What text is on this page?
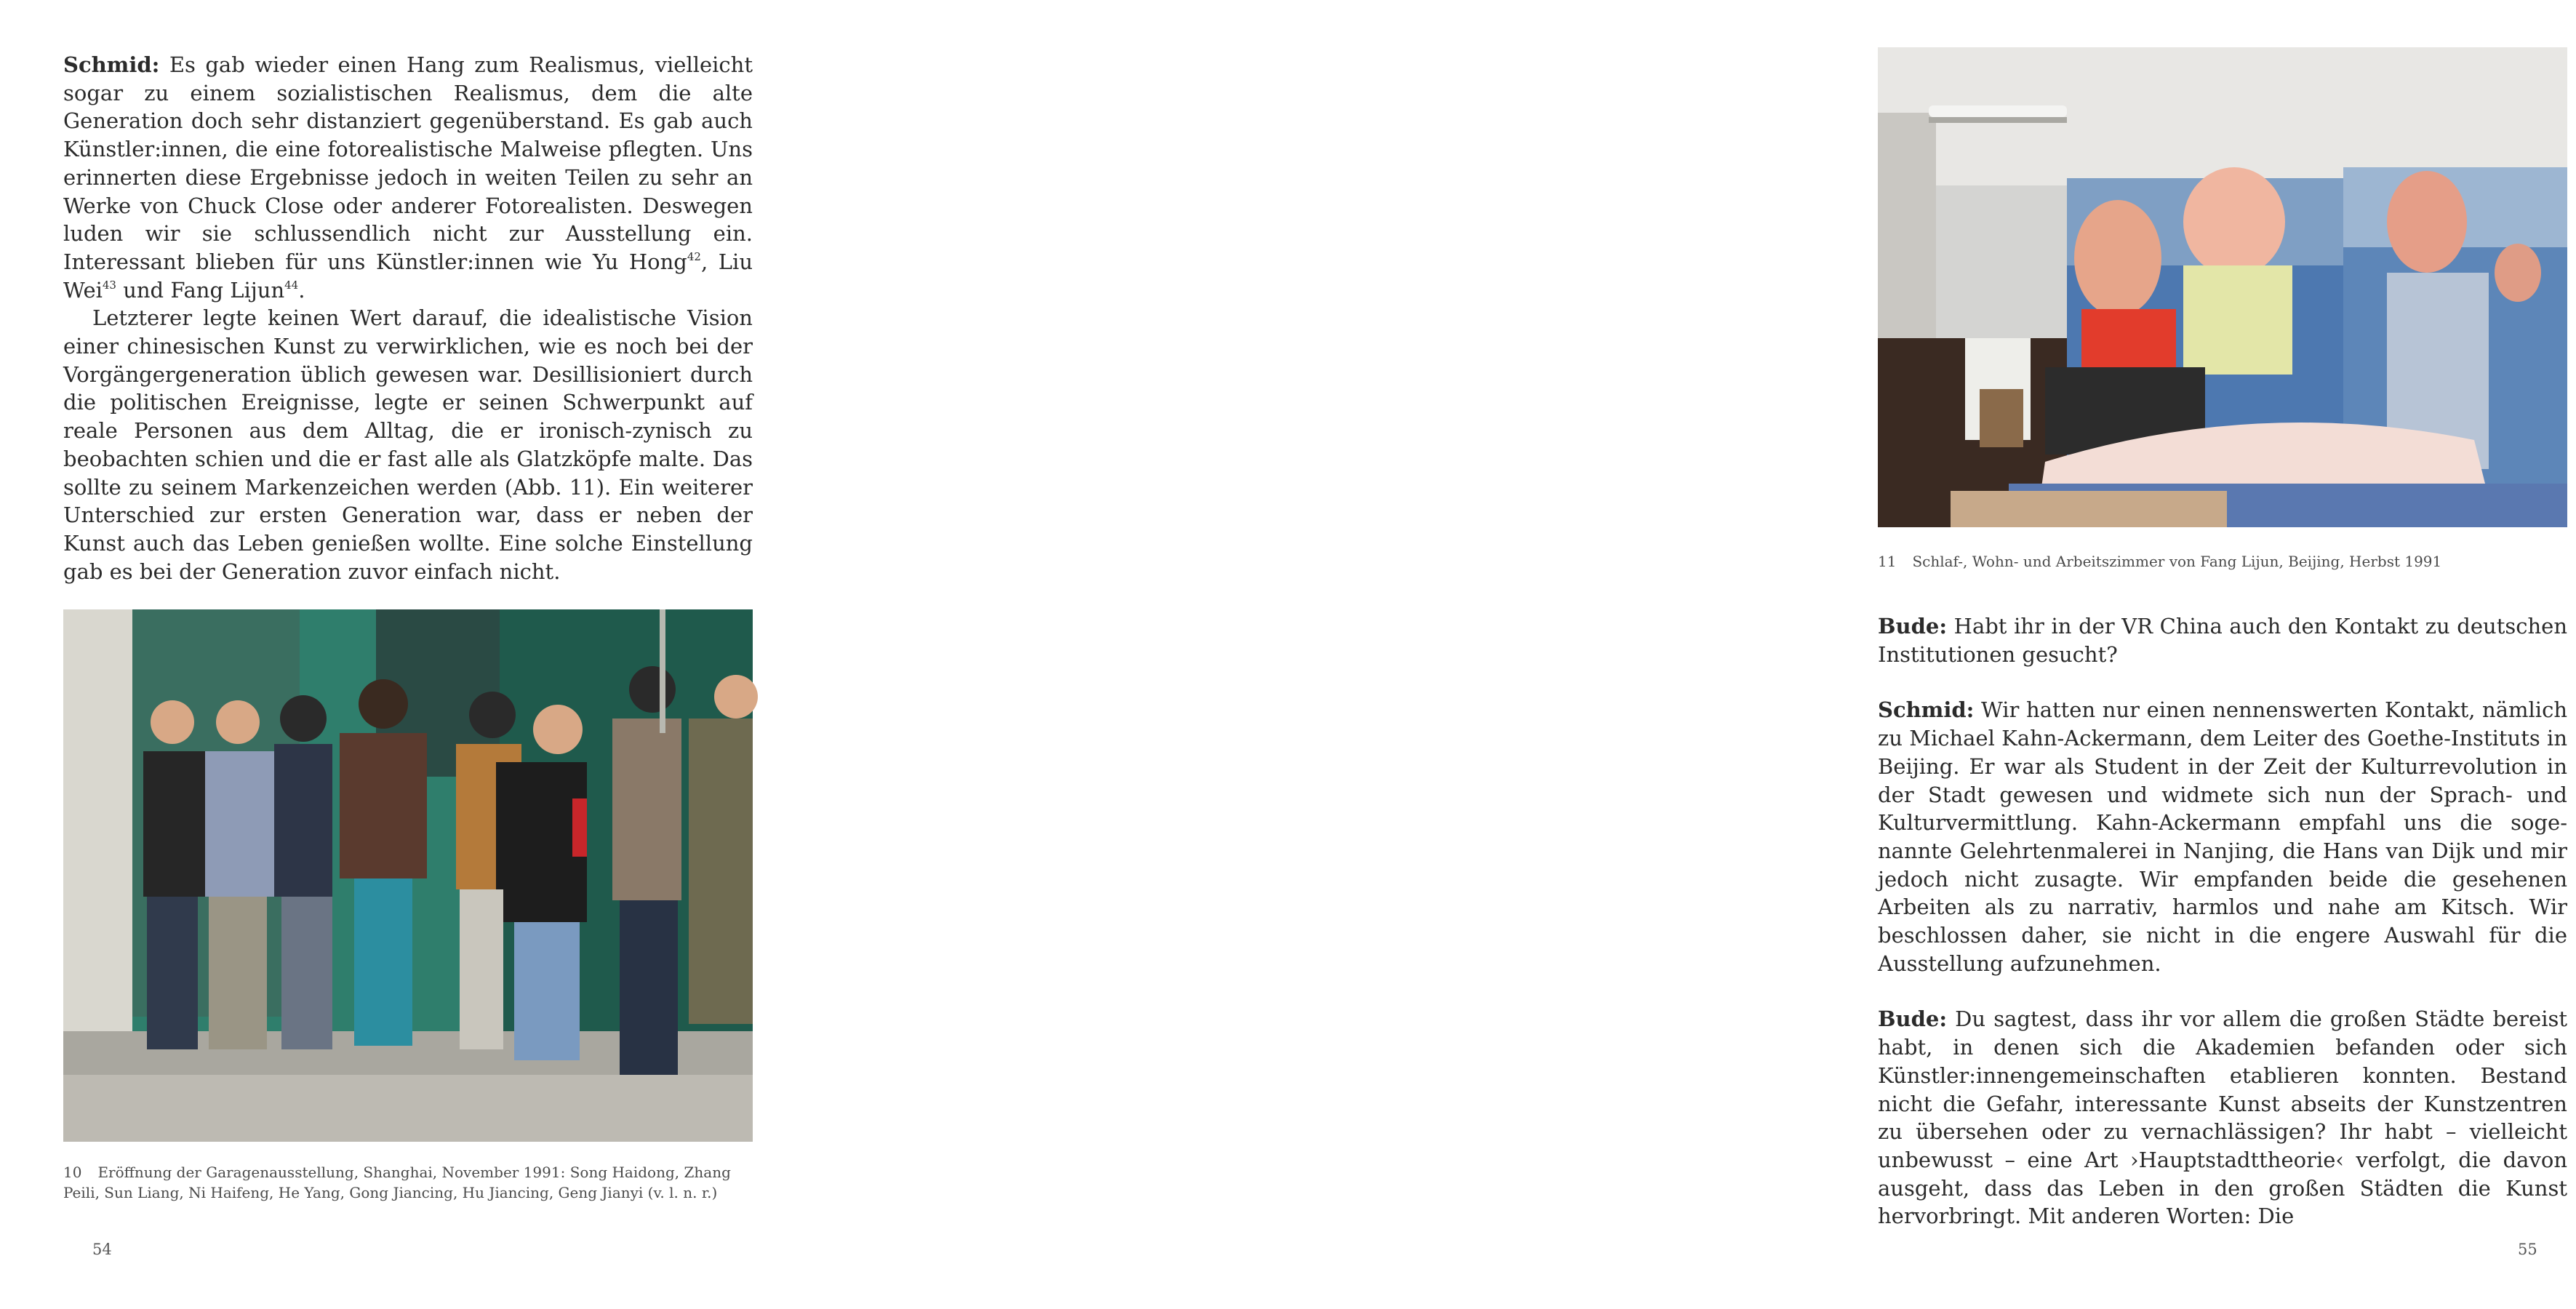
Schmid: Es gab wieder einen Hang zum Realismus, vielleicht sogar zu einem sozialistischen Realismus, dem die alte Generation doch sehr distanziert gegenüberstand. Es gab auch Künstler:innen, die eine fotorealistische Malweise pflegten. Uns erinnerten diese Ergebnisse jedoch in weiten Teilen zu sehr an Werke von Chuck Close oder anderer Fotorealisten. Deswegen luden wir sie schlussendlich nicht zur Ausstellung ein. Interessant blieben für uns Künstler:innen wie Yu Hong$^{42}$, Liu Wei$^{43}$ und Fang Lijun$^{44}$.

Letzterer legte keinen Wert darauf, die idealistische Vision einer chinesischen Kunst zu verwirklichen, wie es noch bei der Vorgängergeneration üblich gewesen war. Desillisioniert durch die politischen Ereignisse, legte er seinen Schwerpunkt auf reale Personen aus dem Alltag, die er ironisch-zynisch zu beobachten schien und die er fast alle als Glatzköpfe malte. Das sollte zu seinem Markenzeichen werden (Abb. 11). Ein weiterer Unterschied zur ersten Generation war, dass er neben der Kunst auch das Leben genießen wollte. Eine solche Einstellung gab es bei der Generation zuvor einfach nicht.

10 Eröffnung der Garagenausstellung, Shanghai, November 1991: Song Haidong, Zhang Peili, Sun Liang, Ni Haifeng, He Yang, Gong Jiancing, Hu Jiancing, Geng Jianyi (v. l. n. r.)
54
11 Schlaf-, Wohn- und Arbeitszimmer von Fang Lijun, Beijing, Herbst 1991

Bude: Habt ihr in der VR China auch den Kontakt zu deutschen Institutionen gesucht?

Schmid: Wir hatten nur einen nennenswerten Kontakt, nämlich zu Michael Kahn-Ackermann, dem Leiter des Goethe-Instituts in Beijing. Er war als Student in der Zeit der Kulturrevolution in der Stadt gewesen und widmete sich nun der Sprach- und Kulturvermittlung. Kahn-Ackermann empfahl uns die sogenannte Gelehrtenmalerei in Nanjing, die Hans van Dijk und mir jedoch nicht zusagte. Wir empfanden beide die gesehenen Arbeiten als zu narrativ, harmlos und nahe am Kitsch. Wir beschlossen daher, sie nicht in die engere Auswahl für die Ausstellung aufzunehmen.

Bude: Du sagtest, dass ihr vor allem die großen Städte bereist habt, in denen sich die Akademien befanden oder sich Künstler:innengemeinschaften etablieren konnten. Bestand nicht die Gefahr, interessante Kunst abseits der Kunstzentren zu übersehen oder zu vernachlässigen? Ihr habt – vielleicht unbewusst – eine Art ›Hauptstadttheorie‹ verfolgt, die davon ausgeht, dass das Leben in den großen Städten die Kunst hervorbringt. Mit anderen Worten: Die

55
